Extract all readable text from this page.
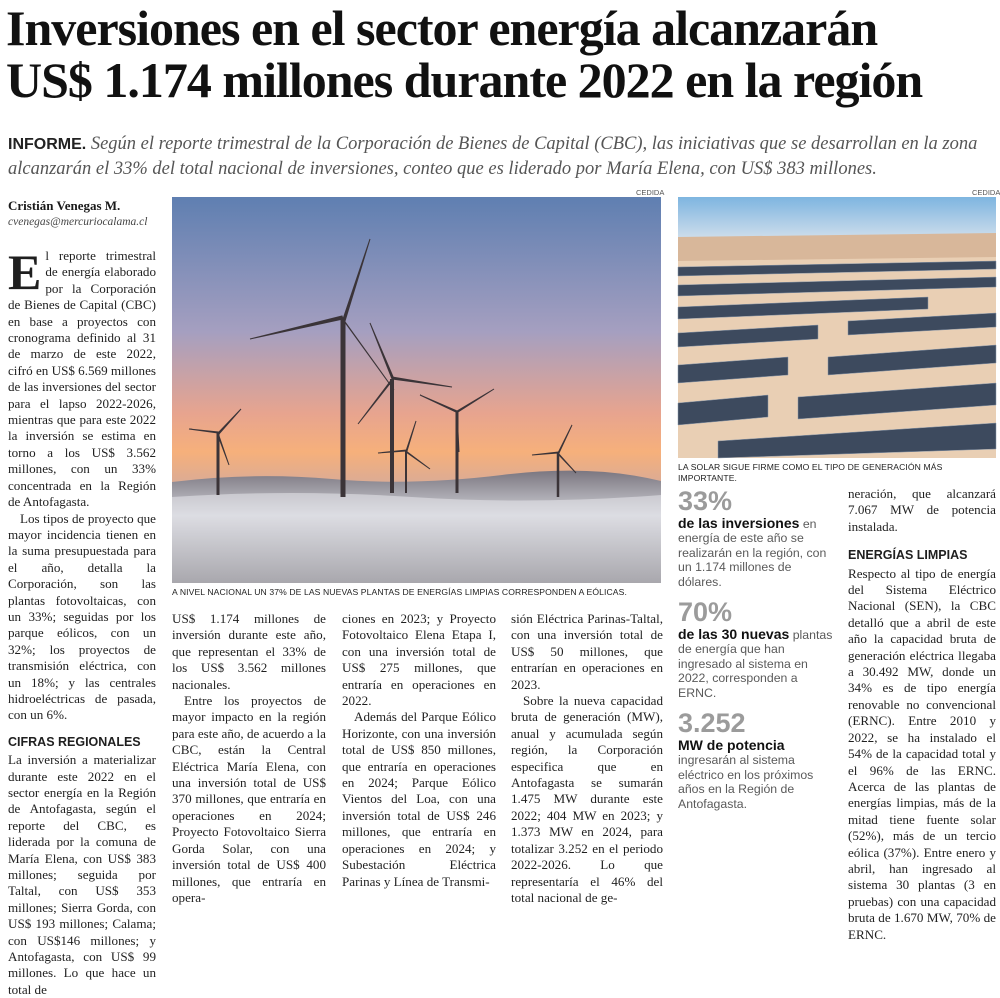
Inversiones en el sector energía alcanzarán
US$ 1.174 millones durante 2022 en la región
INFORME. Según el reporte trimestral de la Corporación de Bienes de Capital (CBC), las iniciativas que se desarrollan en la zona alcanzarán el 33% del total nacional de inversiones, conteo que es liderado por María Elena, con US$ 383 millones.
Cristián Venegas M.
cvenegas@mercuriocalama.cl

El reporte trimestral de energía elaborado por la Corporación de Bienes de Capital (CBC) en base a proyectos con cronograma definido al 31 de marzo de este 2022, cifró en US$ 6.569 millones de las inversiones del sector para el lapso 2022-2026, mientras que para este 2022 la inversión se estima en torno a los US$ 3.562 millones, con un 33% concentrada en la Región de Antofagasta.

Los tipos de proyecto que mayor incidencia tienen en la suma presupuestada para el año, detalla la Corporación, son las plantas fotovoltaicas, con un 33%; seguidas por los parque eólicos, con un 32%; los proyectos de transmisión eléctrica, con un 18%; y las centrales hidroeléctricas de pasada, con un 6%.

CIFRAS REGIONALES

La inversión a materializar durante este 2022 en el sector energía en la Región de Antofagasta, según el reporte del CBC, es liderada por la comuna de María Elena, con US$ 383 millones; seguida por Taltal, con US$ 353 millones; Sierra Gorda, con US$ 193 millones; Calama; con US$146 millones; y Antofagasta, con US$ 99 millones. Lo que hace un total de

CEDIDA
A NIVEL NACIONAL UN 37% DE LAS NUEVAS PLANTAS DE ENERGÍAS LIMPIAS CORRESPONDEN A EÓLICAS.
CEDIDA
LA SOLAR SIGUE FIRME COMO EL TIPO DE GENERACIÓN MÁS IMPORTANTE.

US$ 1.174 millones de inversión durante este año, que representan el 33% de los US$ 3.562 millones nacionales.

Entre los proyectos de mayor impacto en la región para este año, de acuerdo a la CBC, están la Central Eléctrica María Elena, con una inversión total de US$ 370 millones, que entraría en operaciones en 2024; Proyecto Fotovoltaico Sierra Gorda Solar, con una inversión total de US$ 400 millones, que entraría en opera-

ciones en 2023; y Proyecto Fotovoltaico Elena Etapa I, con una inversión total de US$ 275 millones, que entraría en operaciones en 2022.

Además del Parque Eólico Horizonte, con una inversión total de US$ 850 millones, que entraría en operaciones en 2024; Parque Eólico Vientos del Loa, con una inversión total de US$ 246 millones, que entraría en operaciones en 2024; y Subestación Eléctrica Parinas y Línea de Transmi-

sión Eléctrica Parinas-Taltal, con una inversión total de US$ 50 millones, que entrarían en operaciones en 2023.

Sobre la nueva capacidad bruta de generación (MW), anual y acumulada según región, la Corporación especifica que en Antofagasta se sumarán 1.475 MW durante este 2022; 404 MW en 2023; y 1.373 MW en 2024, para totalizar 3.252 en el periodo 2022-2026. Lo que representaría el 46% del total nacional de ge-

33%
de las inversiones en energía de este año se realizarán en la región, con un 1.174 millones de dólares.
70%
de las 30 nuevas plantas de energía que han ingresado al sistema en 2022, corresponden a ERNC.
3.252
MW de potencia ingresarán al sistema eléctrico en los próximos años en la Región de Antofagasta.

neración, que alcanzará 7.067 MW de potencia instalada.

ENERGÍAS LIMPIAS

Respecto al tipo de energía del Sistema Eléctrico Nacional (SEN), la CBC detalló que a abril de este año la capacidad bruta de generación eléctrica llegaba a 30.492 MW, donde un 34% es de tipo energía renovable no convencional (ERNC). Entre 2010 y 2022, se ha instalado el 54% de la capacidad total y el 96% de las ERNC. Acerca de las plantas de energías limpias, más de la mitad tiene fuente solar (52%), más de un tercio eólica (37%). Entre enero y abril, han ingresado al sistema 30 plantas (3 en pruebas) con una capacidad bruta de 1.670 MW, 70% de ERNC.
